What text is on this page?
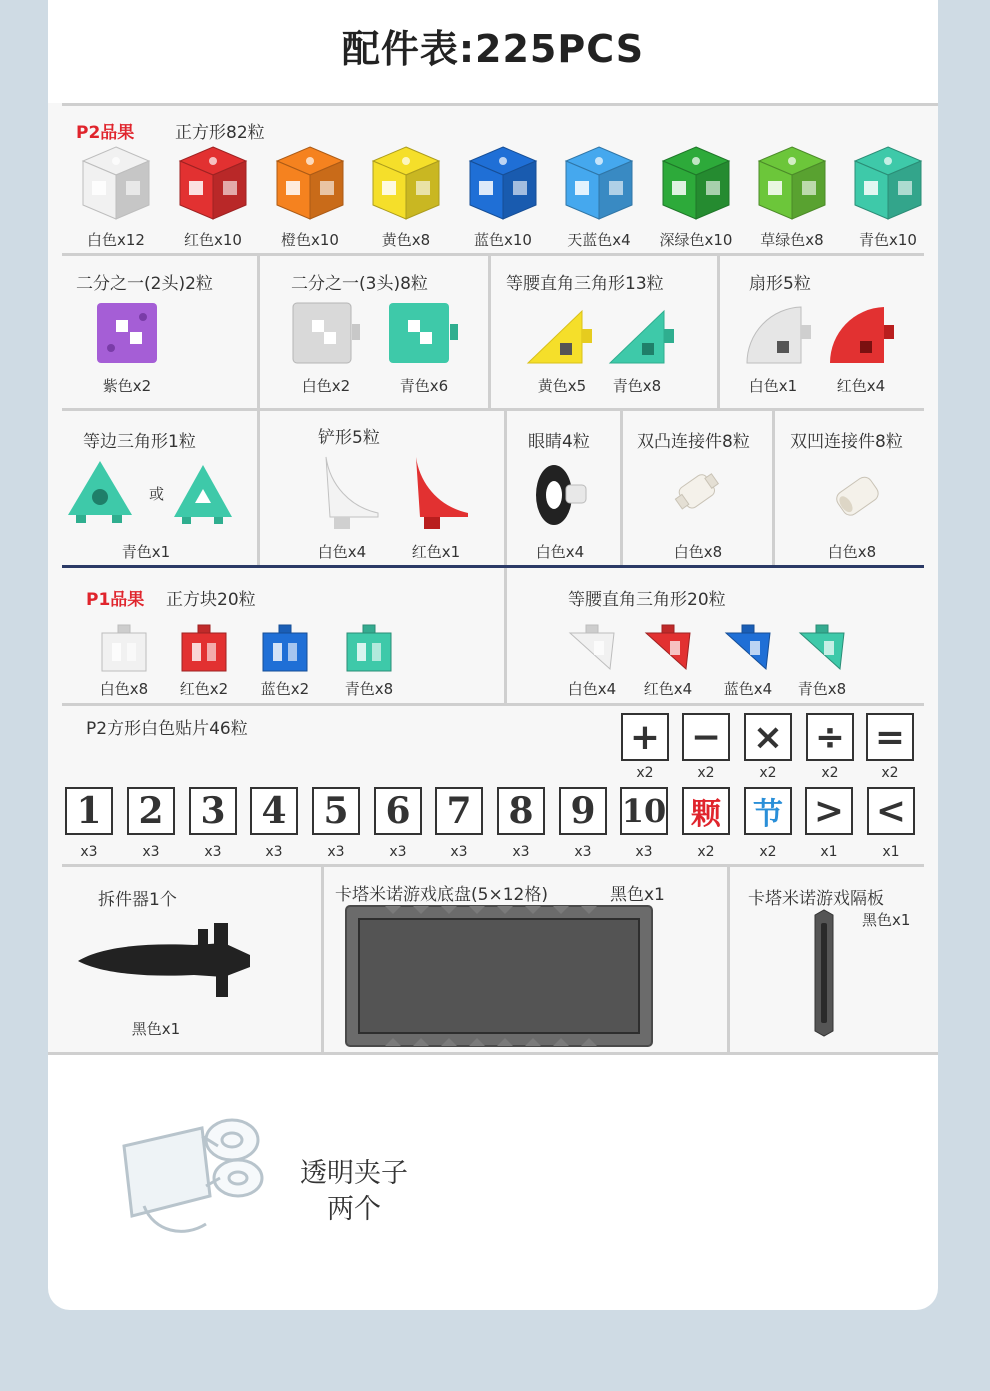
配件表:225PCS
P2品果 正方形82粒
二分之一(2头)2粒
紫色x2
二分之一(3头)8粒
白色x2	青色x6
等腰直角三角形13粒
黄色x5 青色x8
扇形5粒
白色x1	红色x4
等边三角形1粒
或
青色x1
铲形5粒
白色x4	红色x1
眼睛4粒
白色x4
双凸连接件8粒
白色x8
双凹连接件8粒
白色x8
P1品果 正方块20粒	等腰直角三角形20粒
P2方形白色贴片46粒
拆件器1个
黑色x1
卡塔米诺游戏底盘(5×12格)	黑色x1	卡塔米诺游戏隔板
黑色x1
白色x12	红色x10	橙色x10	黄色x8	蓝色x10 天蓝色x4 深绿色x10 草绿色x8 青色x10
白色x8 红色x2 蓝色x2 青色x8	白色x4 红色x4 蓝色x4 青色x8
+
x2
−
x2
×
x2
÷
x2
=
x2
1
x3
2
x3
3
x3
4
x3
5
x3
6
x3
7
x3
8
x3
9
x3
10
x3
颗
x2
节
x2
>
x1
<
x1
透明夹子
两个
